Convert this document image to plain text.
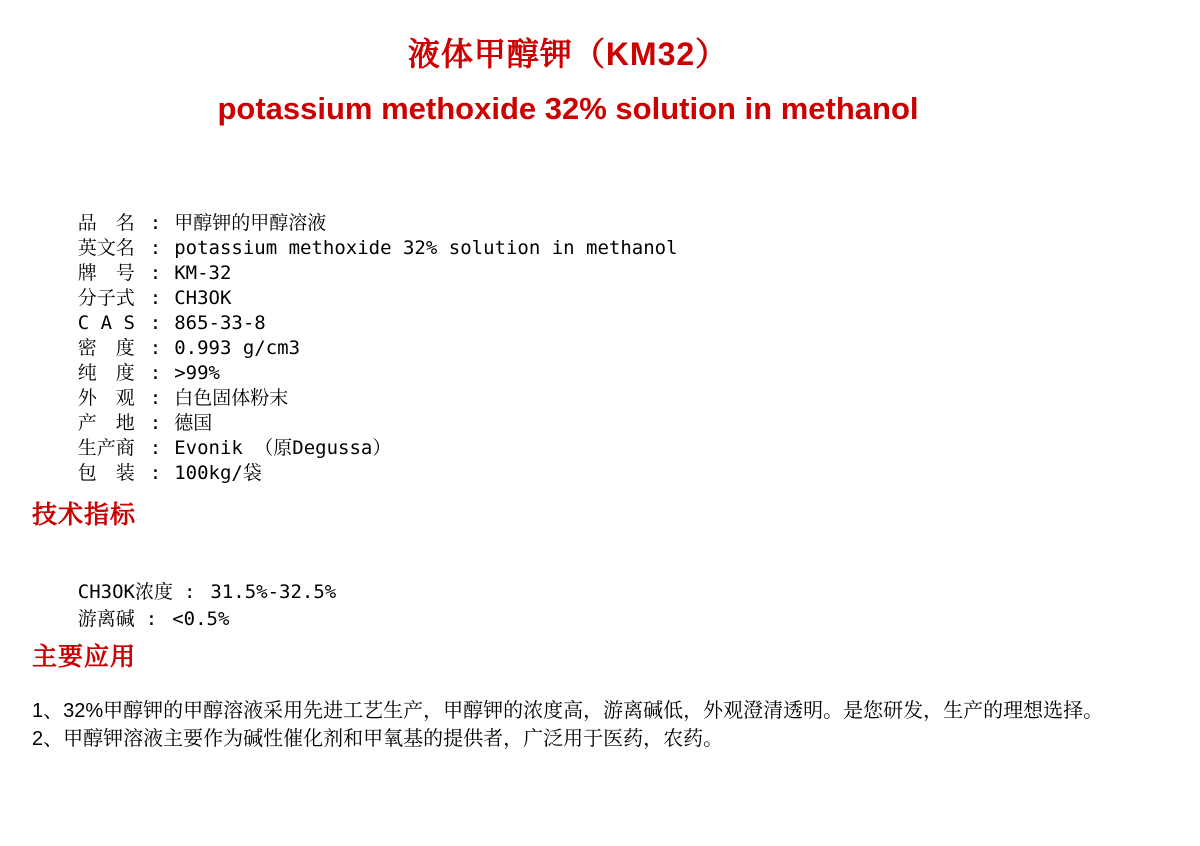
液体甲醇钾（KM32）
potassium methoxide 32% solution in methanol

品　名 : 甲醇钾的甲醇溶液

英文名 : potassium methoxide 32% solution in methanol

牌　号 : KM-32

分子式 : CH3OK

C A S : 865-33-8

密　度 : 0.993 g/cm3

纯　度 : >99%

外　观 : 白色固体粉末

产　地 : 德国

生产商 : Evonik （原Degussa）

包　装 : 100kg/袋

技术指标

CH3OK浓度 : 31.5%-32.5%

游离碱 : <0.5%

主要应用

1、32%甲醇钾的甲醇溶液采用先进工艺生产，甲醇钾的浓度高，游离碱低，外观澄清透明。是您研发，生产的理想选择。

2、甲醇钾溶液主要作为碱性催化剂和甲氧基的提供者，广泛用于医药，农药。
